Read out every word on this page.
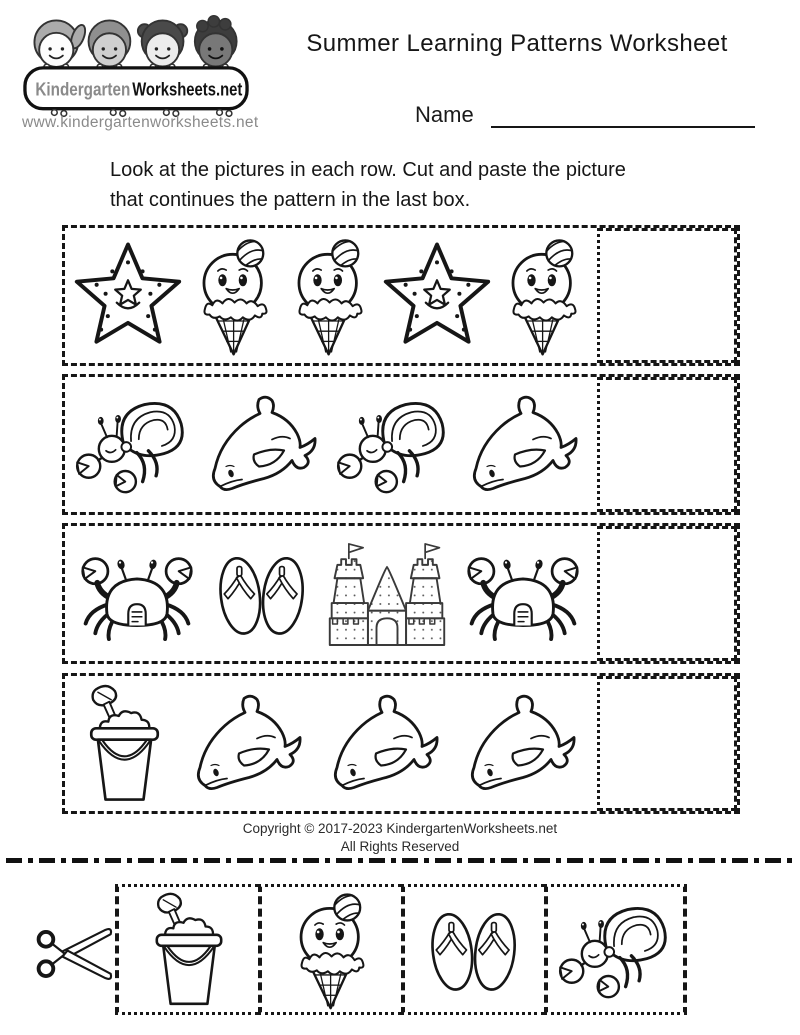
Kindergarten Worksheets.net
www.kindergartenworksheets.net
Summer Learning Patterns Worksheet
Name
Look at the pictures in each row. Cut and paste the picture
that continues the pattern in the last box.
Copyright © 2017-2023 KindergartenWorksheets.net
All Rights Reserved
